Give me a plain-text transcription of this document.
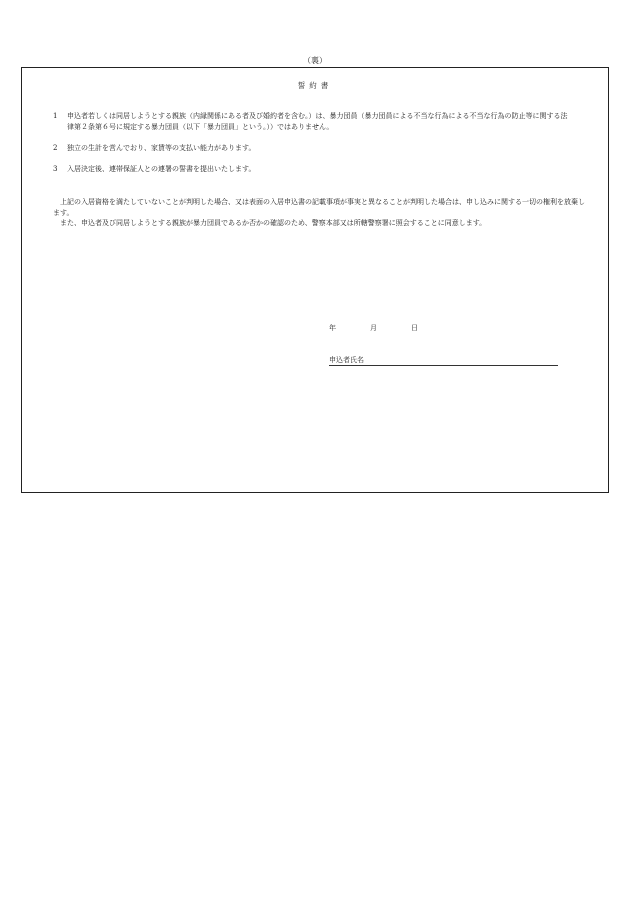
（裏）
誓約書
1 申込者若しくは同居しようとする親族（内縁関係にある者及び婚約者を含む。）は、暴力団員（暴力団員による不当な行為による不当な行為の防止等に関する法律第２条第６号に規定する暴力団員（以下「暴力団員」という。））ではありません。
2 独立の生計を営んでおり、家賃等の支払い能力があります。
3 入居決定後、連帯保証人との連署の誓書を提出いたします。
上記の入居資格を満たしていないことが判明した場合、又は表面の入居申込書の記載事項が事実と異なることが判明した場合は、申し込みに関する一切の権利を放棄します。
また、申込者及び同居しようとする親族が暴力団員であるか否かの確認のため、警察本部又は所轄警察署に照会することに同意します。
年	月	日
申込者氏名
